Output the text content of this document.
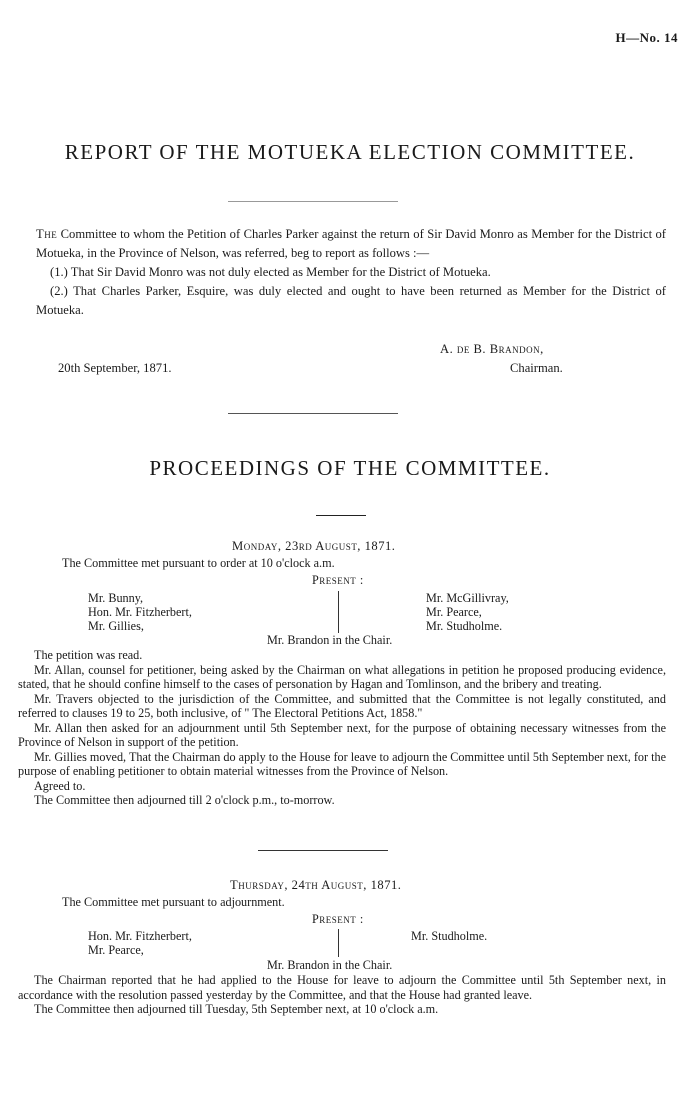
H—No. 14
REPORT OF THE MOTUEKA ELECTION COMMITTEE.

The Committee to whom the Petition of Charles Parker against the return of Sir David Monro as Member for the District of Motueka, in the Province of Nelson, was referred, beg to report as follows :—

(1.) That Sir David Monro was not duly elected as Member for the District of Motueka.

(2.) That Charles Parker, Esquire, was duly elected and ought to have been returned as Member for the District of Motueka.

A. de B. Brandon,
20th September, 1871.	Chairman.
PROCEEDINGS OF THE COMMITTEE.
Monday, 23rd August, 1871.
The Committee met pursuant to order at 10 o'clock a.m.
Present :
Mr. Bunny,
Hon. Mr. Fitzherbert,
Mr. Gillies,
Mr. McGillivray,
Mr. Pearce,
Mr. Studholme.
Mr. Brandon in the Chair.

The petition was read.

Mr. Allan, counsel for petitioner, being asked by the Chairman on what allegations in petition he proposed producing evidence, stated, that he should confine himself to the cases of personation by Hagan and Tomlinson, and the bribery and treating.

Mr. Travers objected to the jurisdiction of the Committee, and submitted that the Committee is not legally constituted, and referred to clauses 19 to 25, both inclusive, of " The Electoral Petitions Act, 1858."

Mr. Allan then asked for an adjournment until 5th September next, for the purpose of obtaining necessary witnesses from the Province of Nelson in support of the petition.

Mr. Gillies moved, That the Chairman do apply to the House for leave to adjourn the Committee until 5th September next, for the purpose of enabling petitioner to obtain material witnesses from the Province of Nelson.

Agreed to.

The Committee then adjourned till 2 o'clock p.m., to-morrow.

Thursday, 24th August, 1871.
The Committee met pursuant to adjournment.
Present :
Hon. Mr. Fitzherbert,
Mr. Pearce,
Mr. Studholme.
Mr. Brandon in the Chair.

The Chairman reported that he had applied to the House for leave to adjourn the Committee until 5th September next, in accordance with the resolution passed yesterday by the Committee, and that the House had granted leave.

The Committee then adjourned till Tuesday, 5th September next, at 10 o'clock a.m.
